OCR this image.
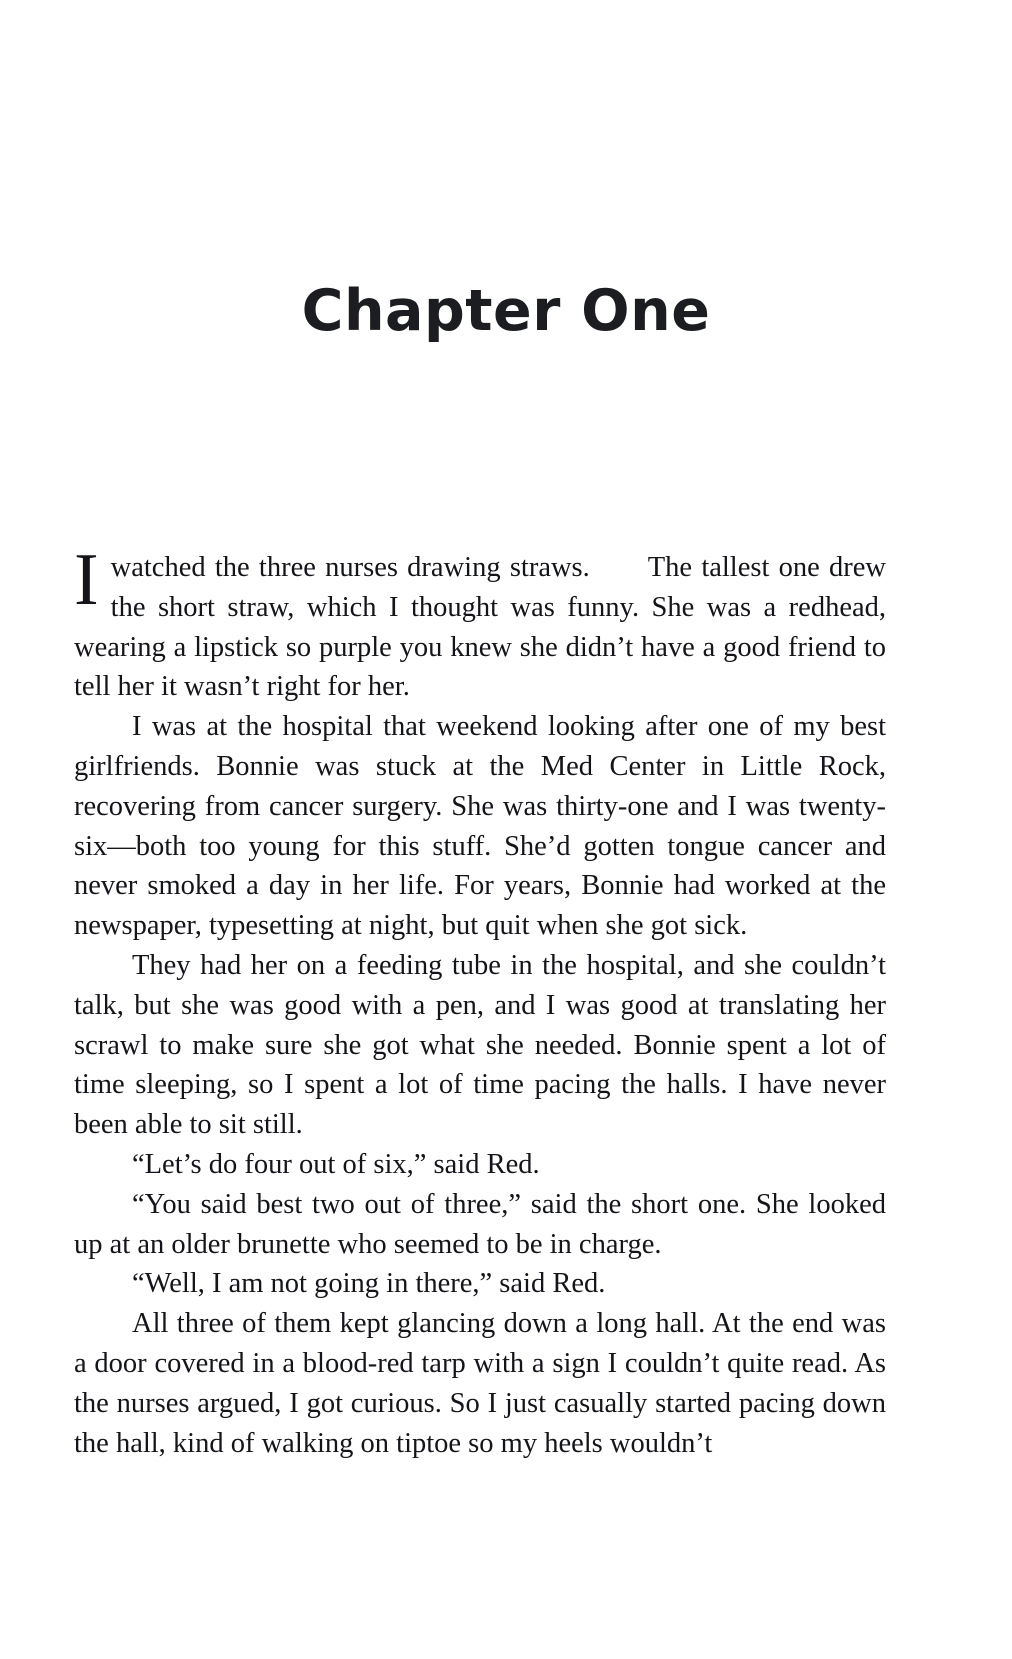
Chapter One

Iwatched the three nurses drawing straws. The tallest one drew the short straw, which I thought was funny. She was a redhead, wearing a lipstick so purple you knew she didn’t have a good friend to tell her it wasn’t right for her.

I was at the hospital that weekend looking after one of my best girlfriends. Bonnie was stuck at the Med Center in Little Rock, recovering from cancer surgery. She was thirty-one and I was twenty-six—both too young for this stuff. She’d gotten tongue cancer and never smoked a day in her life. For years, Bonnie had worked at the newspaper, typesetting at night, but quit when she got sick.

They had her on a feeding tube in the hospital, and she couldn’t talk, but she was good with a pen, and I was good at translating her scrawl to make sure she got what she needed. Bonnie spent a lot of time sleeping, so I spent a lot of time pacing the halls. I have never been able to sit still.

“Let’s do four out of six,” said Red.

“You said best two out of three,” said the short one. She looked up at an older brunette who seemed to be in charge.

“Well, I am not going in there,” said Red.

All three of them kept glancing down a long hall. At the end was a door covered in a blood-red tarp with a sign I couldn’t quite read. As the nurses argued, I got curious. So I just casually started pacing down the hall, kind of walking on tiptoe so my heels wouldn’t
